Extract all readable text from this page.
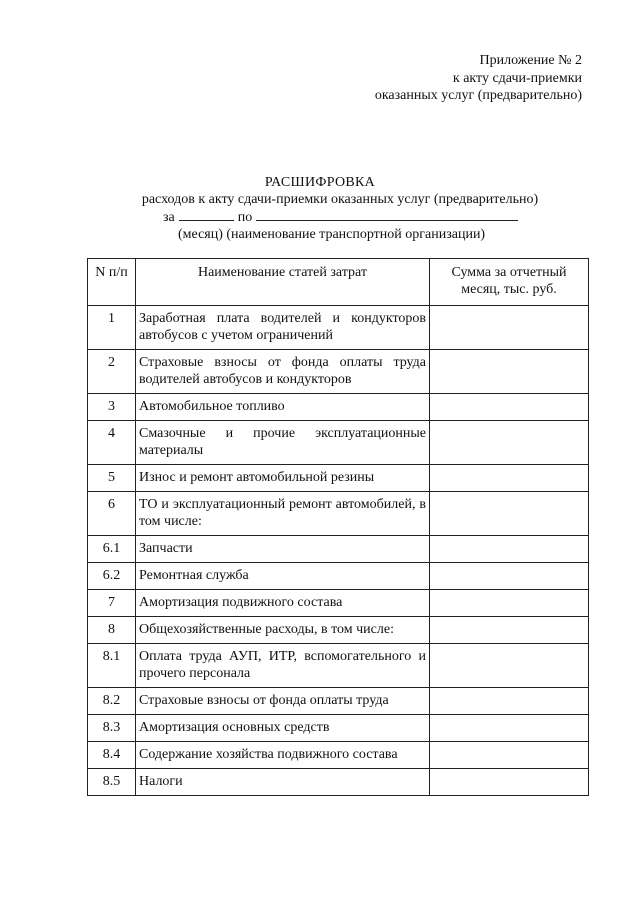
Приложение № 2
к акту сдачи-приемки
оказанных услуг (предварительно)
РАСШИФРОВКА
расходов к акту сдачи-приемки оказанных услуг (предварительно)
за	по
(месяц) (наименование транспортной организации)
N п/п	Наименование статей затрат	Сумма за отчетный месяц, тыс. руб.
1	Заработная плата водителей и кондукторов автобусов с учетом ограничений	
2	Страховые взносы от фонда оплаты труда водителей автобусов и кондукторов	
3	Автомобильное топливо	
4	Смазочные и прочие эксплуатационные материалы	
5	Износ и ремонт автомобильной резины	
6	ТО и эксплуатационный ремонт автомобилей, в том числе:	
6.1	Запчасти	
6.2	Ремонтная служба	
7	Амортизация подвижного состава	
8	Общехозяйственные расходы, в том числе:	
8.1	Оплата труда АУП, ИТР, вспомогательного и прочего персонала	
8.2	Страховые взносы от фонда оплаты труда	
8.3	Амортизация основных средств	
8.4	Содержание хозяйства подвижного состава	
8.5	Налоги	
